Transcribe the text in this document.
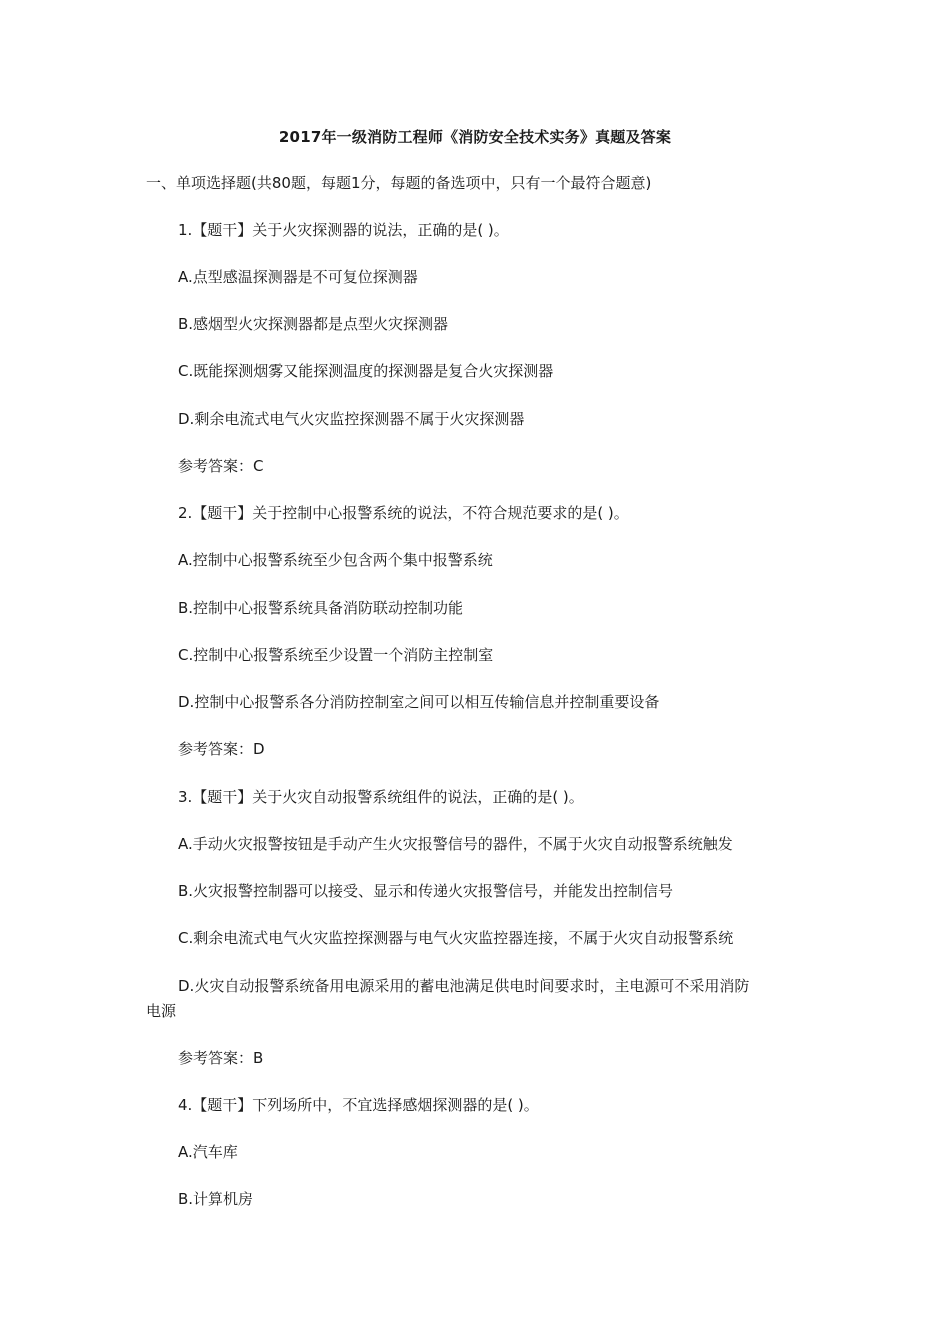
2017年一级消防工程师《消防安全技术实务》真题及答案
一、单项选择题(共80题，每题1分，每题的备选项中，只有一个最符合题意)
1.【题干】关于火灾探测器的说法，正确的是( )。
A.点型感温探测器是不可复位探测器
B.感烟型火灾探测器都是点型火灾探测器
C.既能探测烟雾又能探测温度的探测器是复合火灾探测器
D.剩余电流式电气火灾监控探测器不属于火灾探测器
参考答案：C
2.【题干】关于控制中心报警系统的说法，不符合规范要求的是( )。
A.控制中心报警系统至少包含两个集中报警系统
B.控制中心报警系统具备消防联动控制功能
C.控制中心报警系统至少设置一个消防主控制室
D.控制中心报警系各分消防控制室之间可以相互传输信息并控制重要设备
参考答案：D
3.【题干】关于火灾自动报警系统组件的说法，正确的是( )。
A.手动火灾报警按钮是手动产生火灾报警信号的器件，不属于火灾自动报警系统触发
B.火灾报警控制器可以接受、显示和传递火灾报警信号，并能发出控制信号
C.剩余电流式电气火灾监控探测器与电气火灾监控器连接，不属于火灾自动报警系统
D.火灾自动报警系统备用电源采用的蓄电池满足供电时间要求时，主电源可不采用消防
电源
参考答案：B
4.【题干】下列场所中，不宜选择感烟探测器的是( )。
A.汽车库
B.计算机房
